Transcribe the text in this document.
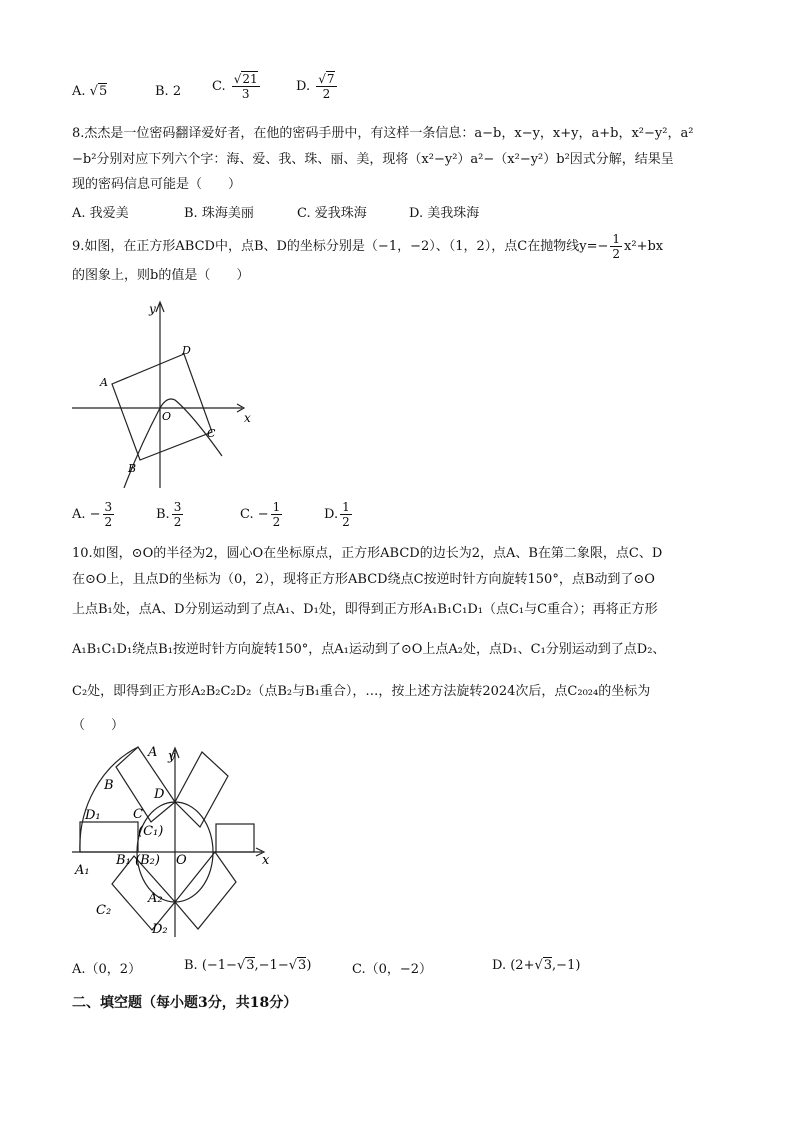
A. √5	B. 2 C. $\frac{√21}{3}$	D. $\frac{√7}{2}$
8.杰杰是一位密码翻译爱好者，在他的密码手册中，有这样一条信息：a−b，x−y，x+y，a+b，x²−y²，a²
−b²分别对应下列六个字：海、爱、我、珠、丽、美，现将（x²−y²）a²−（x²−y²）b²因式分解，结果呈
现的密码信息可能是（　　）
A. 我爱美	B. 珠海美丽	C. 爱我珠海	D. 美我珠海
9.如图，在正方形ABCD中，点B、D的坐标分别是（−1，−2）、（1，2），点C在抛物线$y=- \frac{1}{2} x^2+bx$
的图象上，则b的值是（　　）
y
x
O
A
B
C
D
A. − $\frac{3}{2}$	B. $\frac{3}{2}$	C. − $\frac{1}{2}$	D. $\frac{1}{2}$
10.如图，⊙O的半径为2，圆心O在坐标原点，正方形ABCD的边长为2，点A、B在第二象限，点C、D
在⊙O上，且点D的坐标为（0，2），现将正方形ABCD绕点C按逆时针方向旋转150°，点B动到了⊙O
上点B₁处，点A、D分别运动到了点A₁、D₁处，即得到正方形A₁B₁C₁D₁（点C₁与C重合）；再将正方形
A₁B₁C₁D₁绕点B₁按逆时针方向旋转150°，点A₁运动到了⊙O上点A₂处，点D₁、C₁分别运动到了点D₂、
C₂处，即得到正方形A₂B₂C₂D₂（点B₂与B₁重合），…，按上述方法旋转2024次后，点C₂₀₂₄的坐标为
（　　）
A y
B
D
D₁ C
(C₁)
B₁ (B₂) O	x
A₁
C₂
A₂
D₂
A.（0，2）	B. (−1−√3,−1−√3)	C.（0，−2）	D. (2+√3,−1)
二、填空题（每小题3分，共18分）
